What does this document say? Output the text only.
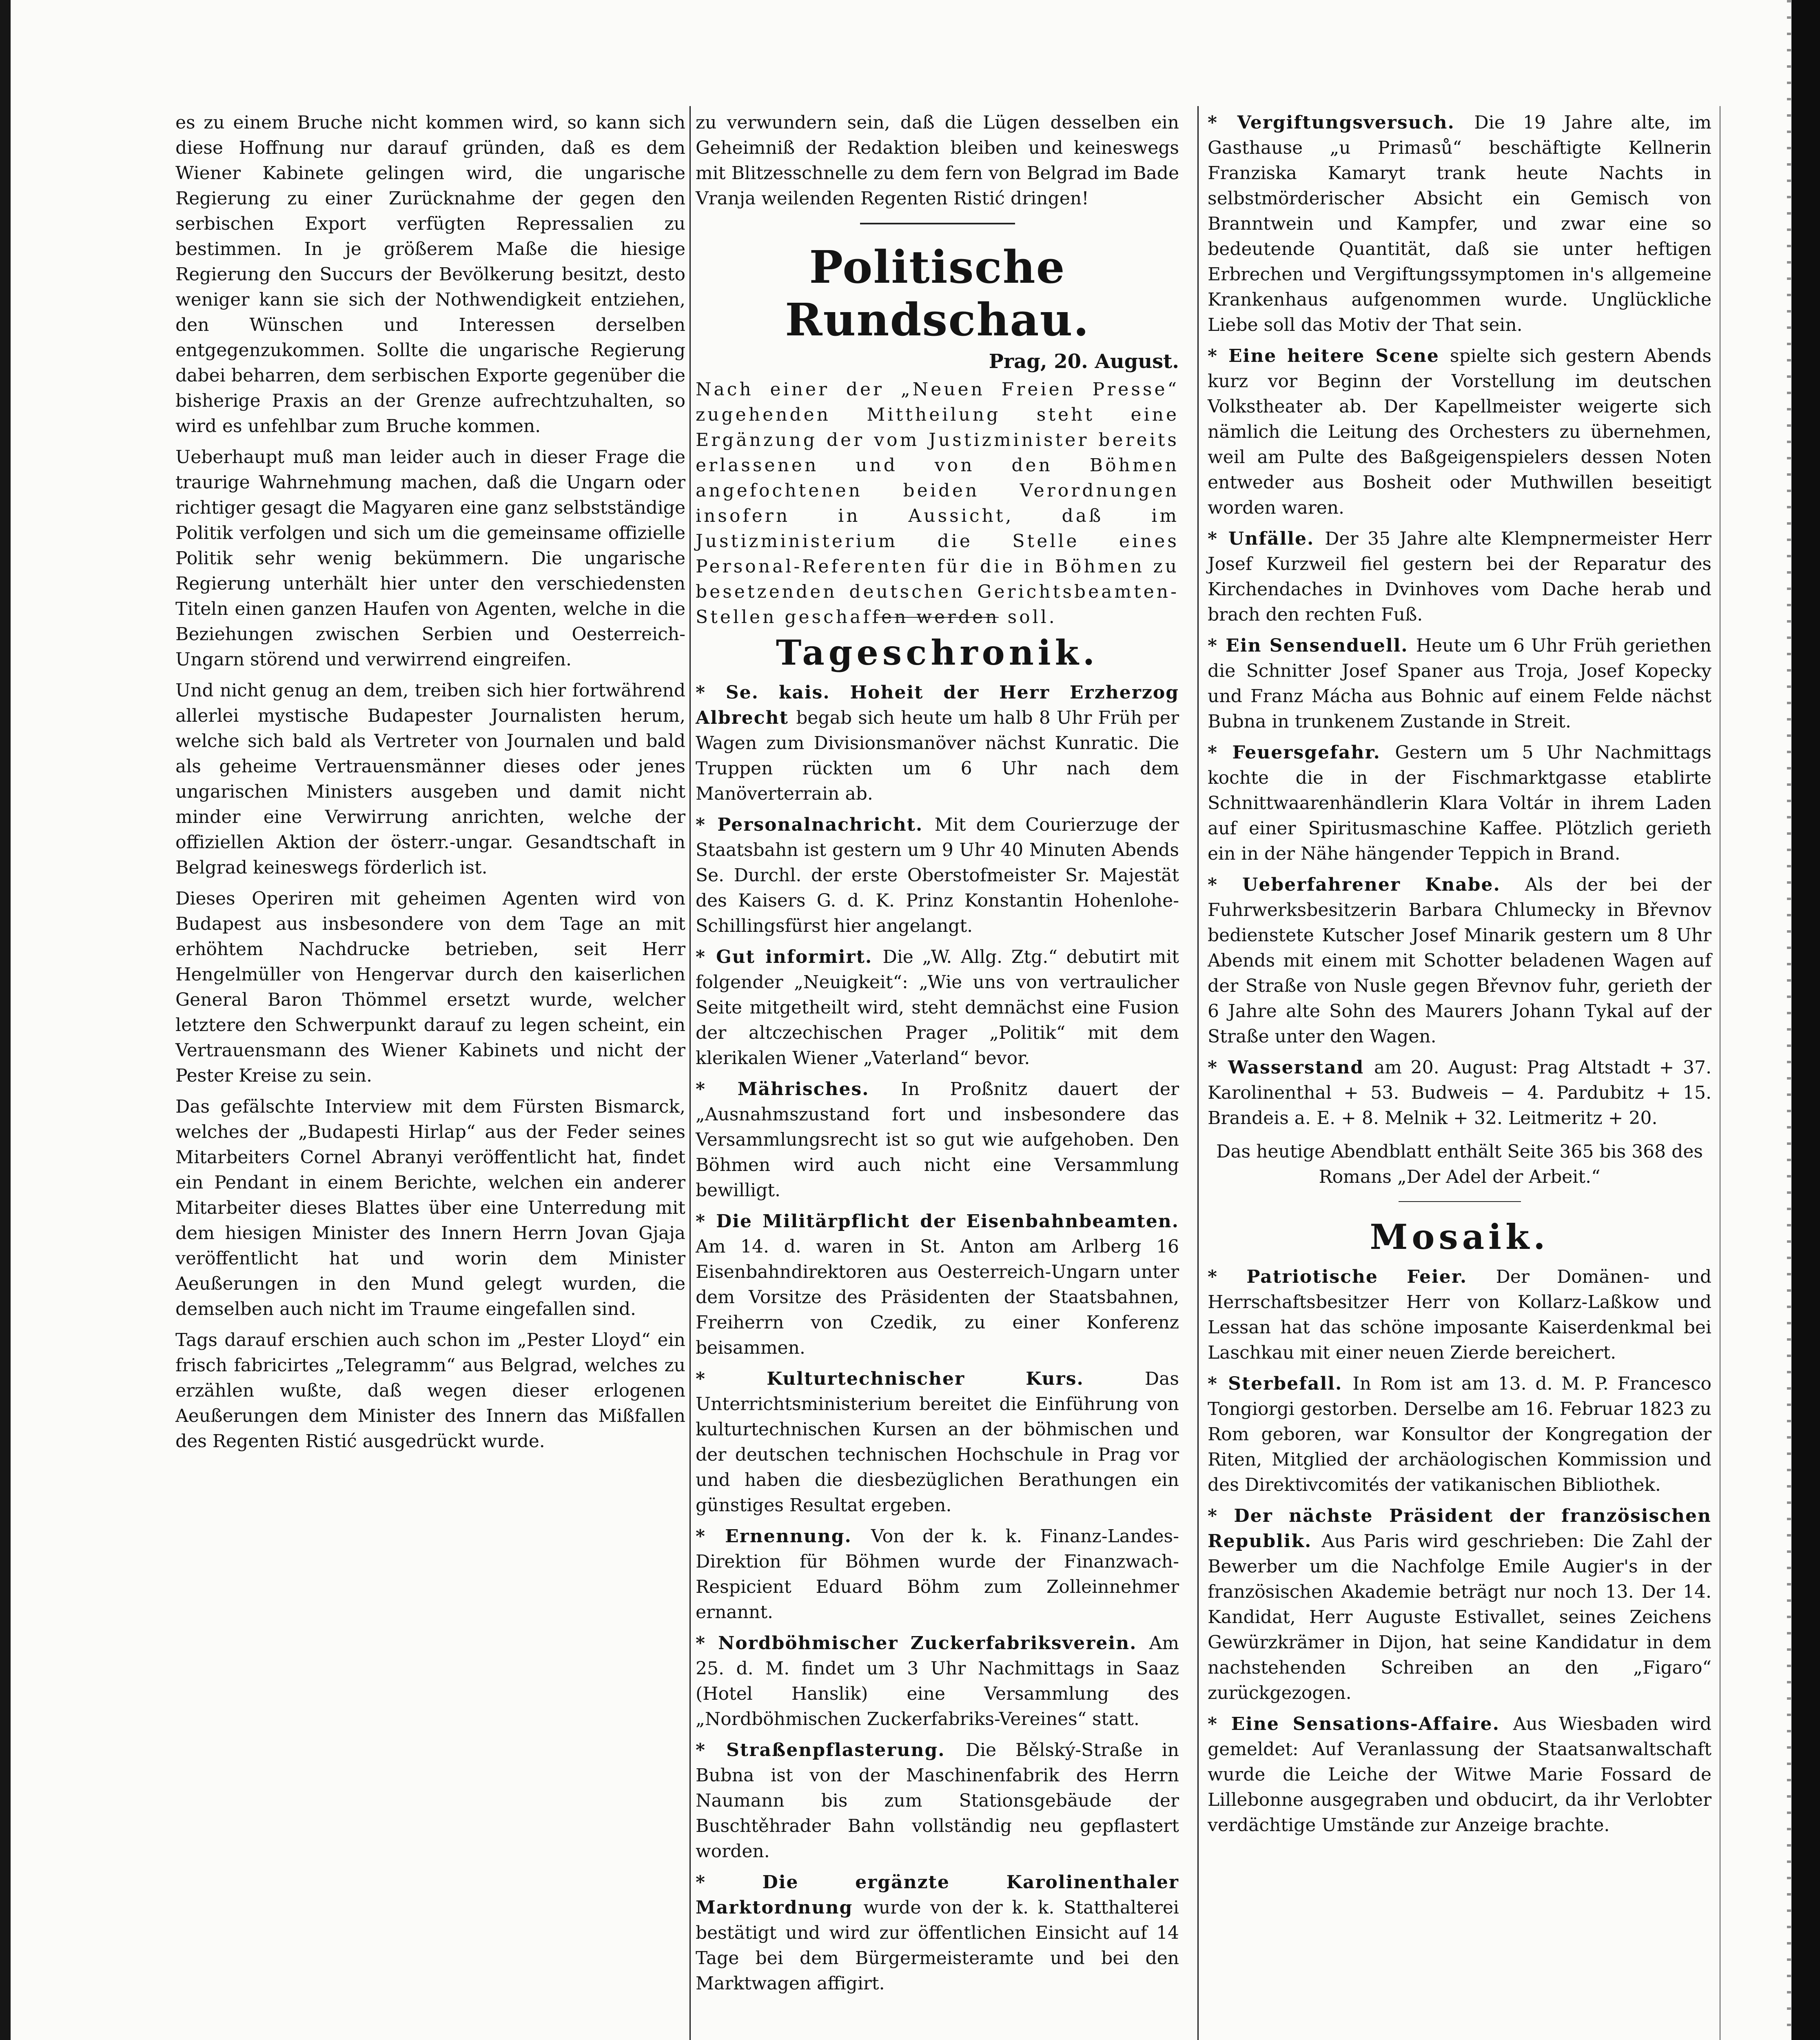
es zu einem Bruche nicht kommen wird, so kann sich diese Hoffnung nur darauf gründen, daß es dem Wiener Kabinete gelingen wird, die ungarische Regierung zu einer Zurücknahme der gegen den serbischen Export verfügten Repressalien zu bestimmen. In je größerem Maße die hiesige Regierung den Succurs der Bevölkerung besitzt, desto weniger kann sie sich der Nothwendigkeit entziehen, den Wünschen und Interessen derselben entgegenzukommen. Sollte die ungarische Regierung dabei beharren, dem serbischen Exporte gegenüber die bisherige Praxis an der Grenze aufrechtzuhalten, so wird es unfehlbar zum Bruche kommen.

Ueberhaupt muß man leider auch in dieser Frage die traurige Wahrnehmung machen, daß die Ungarn oder richtiger gesagt die Magyaren eine ganz selbstständige Politik verfolgen und sich um die gemeinsame offizielle Politik sehr wenig bekümmern. Die ungarische Regierung unterhält hier unter den verschiedensten Titeln einen ganzen Haufen von Agenten, welche in die Beziehungen zwischen Serbien und Oesterreich-Ungarn störend und verwirrend eingreifen.

Und nicht genug an dem, treiben sich hier fortwährend allerlei mystische Budapester Journalisten herum, welche sich bald als Vertreter von Journalen und bald als geheime Vertrauensmänner dieses oder jenes ungarischen Ministers ausgeben und damit nicht minder eine Verwirrung anrichten, welche der offiziellen Aktion der österr.-ungar. Gesandtschaft in Belgrad keineswegs förderlich ist.

Dieses Operiren mit geheimen Agenten wird von Budapest aus insbesondere von dem Tage an mit erhöhtem Nachdrucke betrieben, seit Herr Hengelmüller von Hengervar durch den kaiserlichen General Baron Thömmel ersetzt wurde, welcher letztere den Schwerpunkt darauf zu legen scheint, ein Vertrauensmann des Wiener Kabinets und nicht der Pester Kreise zu sein.

Das gefälschte Interview mit dem Fürsten Bismarck, welches der „Budapesti Hirlap“ aus der Feder seines Mitarbeiters Cornel Abranyi veröffentlicht hat, findet ein Pendant in einem Berichte, welchen ein anderer Mitarbeiter dieses Blattes über eine Unterredung mit dem hiesigen Minister des Innern Herrn Jovan Gjaja veröffentlicht hat und worin dem Minister Aeußerungen in den Mund gelegt wurden, die demselben auch nicht im Traume eingefallen sind.

Tags darauf erschien auch schon im „Pester Lloyd“ ein frisch fabricirtes „Telegramm“ aus Belgrad, welches zu erzählen wußte, daß wegen dieser erlogenen Aeußerungen dem Minister des Innern das Mißfallen des Regenten Ristić ausgedrückt wurde.

zu verwundern sein, daß die Lügen desselben ein Geheimniß der Redaktion bleiben und keineswegs mit Blitzesschnelle zu dem fern von Belgrad im Bade Vranja weilenden Regenten Ristić dringen!

Politische Rundschau.
Prag, 20. August.

Nach einer der „Neuen Freien Presse“ zugehenden Mittheilung steht eine Ergänzung der vom Justizminister bereits erlassenen und von den Böhmen angefochtenen beiden Verordnungen insofern in Aussicht, daß im Justizministerium die Stelle eines Personal-Referenten für die in Böhmen zu besetzenden deutschen Gerichtsbeamten-Stellen geschaffen werden soll.

Tageschronik.

* Se. kais. Hoheit der Herr Erzherzog Albrecht begab sich heute um halb 8 Uhr Früh per Wagen zum Divisionsmanöver nächst Kunratic. Die Truppen rückten um 6 Uhr nach dem Manöverterrain ab.

* Personalnachricht. Mit dem Courierzuge der Staatsbahn ist gestern um 9 Uhr 40 Minuten Abends Se. Durchl. der erste Oberstofmeister Sr. Majestät des Kaisers G. d. K. Prinz Konstantin Hohenlohe-Schillingsfürst hier angelangt.

* Gut informirt. Die „W. Allg. Ztg.“ debutirt mit folgender „Neuigkeit“: „Wie uns von vertraulicher Seite mitgetheilt wird, steht demnächst eine Fusion der altczechischen Prager „Politik“ mit dem klerikalen Wiener „Vaterland“ bevor.

* Mährisches. In Proßnitz dauert der „Ausnahmszustand fort und insbesondere das Versammlungsrecht ist so gut wie aufgehoben. Den Böhmen wird auch nicht eine Versammlung bewilligt.

* Die Militärpflicht der Eisenbahnbeamten. Am 14. d. waren in St. Anton am Arlberg 16 Eisenbahndirektoren aus Oesterreich-Ungarn unter dem Vorsitze des Präsidenten der Staatsbahnen, Freiherrn von Czedik, zu einer Konferenz beisammen.

* Kulturtechnischer Kurs. Das Unterrichtsministerium bereitet die Einführung von kulturtechnischen Kursen an der böhmischen und der deutschen technischen Hochschule in Prag vor und haben die diesbezüglichen Berathungen ein günstiges Resultat ergeben.

* Ernennung. Von der k. k. Finanz-Landes-Direktion für Böhmen wurde der Finanzwach-Respicient Eduard Böhm zum Zolleinnehmer ernannt.

* Nordböhmischer Zuckerfabriksverein. Am 25. d. M. findet um 3 Uhr Nachmittags in Saaz (Hotel Hanslik) eine Versammlung des „Nordböhmischen Zuckerfabriks-Vereines“ statt.

* Straßenpflasterung. Die Bělský-Straße in Bubna ist von der Maschinenfabrik des Herrn Naumann bis zum Stationsgebäude der Buschtěhrader Bahn vollständig neu gepflastert worden.

* Die ergänzte Karolinenthaler Marktordnung wurde von der k. k. Statthalterei bestätigt und wird zur öffentlichen Einsicht auf 14 Tage bei dem Bürgermeisteramte und bei den Marktwagen affigirt.

* Vergiftungsversuch. Die 19 Jahre alte, im Gasthause „u Primasů“ beschäftigte Kellnerin Franziska Kamaryt trank heute Nachts in selbstmörderischer Absicht ein Gemisch von Branntwein und Kampfer, und zwar eine so bedeutende Quantität, daß sie unter heftigen Erbrechen und Vergiftungssymptomen in's allgemeine Krankenhaus aufgenommen wurde. Unglückliche Liebe soll das Motiv der That sein.

* Eine heitere Scene spielte sich gestern Abends kurz vor Beginn der Vorstellung im deutschen Volkstheater ab. Der Kapellmeister weigerte sich nämlich die Leitung des Orchesters zu übernehmen, weil am Pulte des Baßgeigenspielers dessen Noten entweder aus Bosheit oder Muthwillen beseitigt worden waren.

* Unfälle. Der 35 Jahre alte Klempnermeister Herr Josef Kurzweil fiel gestern bei der Reparatur des Kirchendaches in Dvinhoves vom Dache herab und brach den rechten Fuß.

* Ein Sensenduell. Heute um 6 Uhr Früh geriethen die Schnitter Josef Spaner aus Troja, Josef Kopecky und Franz Mácha aus Bohnic auf einem Felde nächst Bubna in trunkenem Zustande in Streit.

* Feuersgefahr. Gestern um 5 Uhr Nachmittags kochte die in der Fischmarktgasse etablirte Schnittwaarenhändlerin Klara Voltár in ihrem Laden auf einer Spiritusmaschine Kaffee. Plötzlich gerieth ein in der Nähe hängender Teppich in Brand.

* Ueberfahrener Knabe. Als der bei der Fuhrwerksbesitzerin Barbara Chlumecky in Břevnov bedienstete Kutscher Josef Minarik gestern um 8 Uhr Abends mit einem mit Schotter beladenen Wagen auf der Straße von Nusle gegen Břevnov fuhr, gerieth der 6 Jahre alte Sohn des Maurers Johann Tykal auf der Straße unter den Wagen.

* Wasserstand am 20. August: Prag Altstadt + 37. Karolinenthal + 53. Budweis − 4. Pardubitz + 15. Brandeis a. E. + 8. Melnik + 32. Leitmeritz + 20.

Das heutige Abendblatt enthält Seite 365 bis 368 des Romans „Der Adel der Arbeit.“

Mosaik.

* Patriotische Feier. Der Domänen- und Herrschaftsbesitzer Herr von Kollarz-Laßkow und Lessan hat das schöne imposante Kaiserdenkmal bei Laschkau mit einer neuen Zierde bereichert.

* Sterbefall. In Rom ist am 13. d. M. P. Francesco Tongiorgi gestorben. Derselbe am 16. Februar 1823 zu Rom geboren, war Konsultor der Kongregation der Riten, Mitglied der archäologischen Kommission und des Direktivcomités der vatikanischen Bibliothek.

* Der nächste Präsident der französischen Republik. Aus Paris wird geschrieben: Die Zahl der Bewerber um die Nachfolge Emile Augier's in der französischen Akademie beträgt nur noch 13. Der 14. Kandidat, Herr Auguste Estivallet, seines Zeichens Gewürzkrämer in Dijon, hat seine Kandidatur in dem nachstehenden Schreiben an den „Figaro“ zurückgezogen.

* Eine Sensations-Affaire. Aus Wiesbaden wird gemeldet: Auf Veranlassung der Staatsanwaltschaft wurde die Leiche der Witwe Marie Fossard de Lillebonne ausgegraben und obducirt, da ihr Verlobter verdächtige Umstände zur Anzeige brachte.
